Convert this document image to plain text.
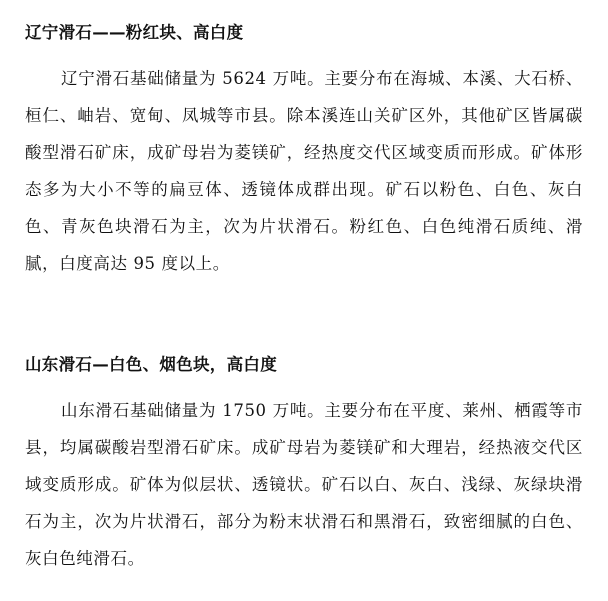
辽宁滑石——粉红块、高白度

辽宁滑石基础储量为 5624 万吨。主要分布在海城、本溪、大石桥、桓仁、岫岩、宽甸、凤城等市县。除本溪连山关矿区外，其他矿区皆属碳酸型滑石矿床，成矿母岩为菱镁矿，经热度交代区域变质而形成。矿体形态多为大小不等的扁豆体、透镜体成群出现。矿石以粉色、白色、灰白色、青灰色块滑石为主，次为片状滑石。粉红色、白色纯滑石质纯、滑腻，白度高达 95 度以上。

山东滑石—白色、烟色块，高白度

山东滑石基础储量为 1750 万吨。主要分布在平度、莱州、栖霞等市县，均属碳酸岩型滑石矿床。成矿母岩为菱镁矿和大理岩，经热液交代区域变质形成。矿体为似层状、透镜状。矿石以白、灰白、浅绿、灰绿块滑石为主，次为片状滑石，部分为粉末状滑石和黑滑石，致密细腻的白色、灰白色纯滑石。
